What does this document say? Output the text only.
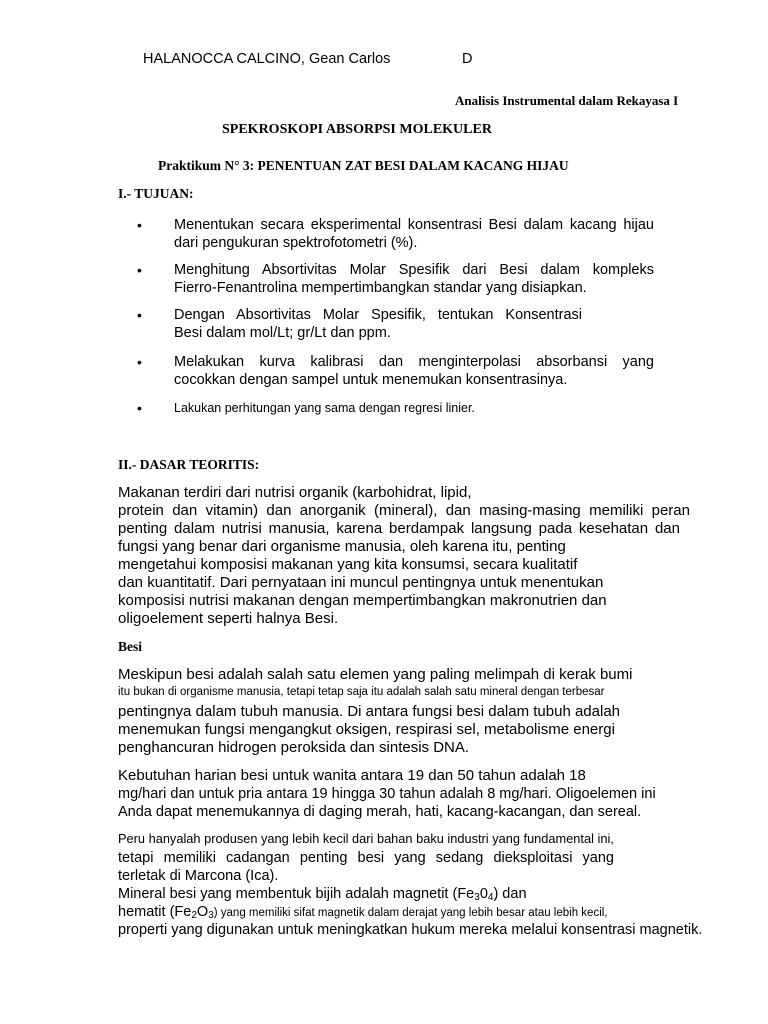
HALANOCCA CALCINO, Gean Carlos	D
Analisis Instrumental dalam Rekayasa I
SPEKROSKOPI ABSORPSI MOLEKULER
Praktikum N° 3: PENENTUAN ZAT BESI DALAM KACANG HIJAU
I.- TUJUAN:
• Menentukan secara eksperimental konsentrasi Besi dalam kacang hijau
dari pengukuran spektrofotometri (%).
• Menghitung Absortivitas Molar Spesifik dari Besi dalam kompleks
Fierro-Fenantrolina mempertimbangkan standar yang disiapkan.
• Dengan Absortivitas Molar Spesifik, tentukan Konsentrasi
Besi dalam mol/Lt; gr/Lt dan ppm.
• Melakukan kurva kalibrasi dan menginterpolasi absorbansi yang
cocokkan dengan sampel untuk menemukan konsentrasinya.
•	Lakukan perhitungan yang sama dengan regresi linier.
II.- DASAR TEORITIS:
Makanan terdiri dari nutrisi organik (karbohidrat, lipid,
protein dan vitamin) dan anorganik (mineral), dan masing-masing memiliki peran
penting dalam nutrisi manusia, karena berdampak langsung pada kesehatan dan
fungsi yang benar dari organisme manusia, oleh karena itu, penting
mengetahui komposisi makanan yang kita konsumsi, secara kualitatif
dan kuantitatif. Dari pernyataan ini muncul pentingnya untuk menentukan
komposisi nutrisi makanan dengan mempertimbangkan makronutrien dan
oligoelement seperti halnya Besi.
Besi
Meskipun besi adalah salah satu elemen yang paling melimpah di kerak bumi
itu bukan di organisme manusia, tetapi tetap saja itu adalah salah satu mineral dengan terbesar
pentingnya dalam tubuh manusia. Di antara fungsi besi dalam tubuh adalah
menemukan fungsi mengangkut oksigen, respirasi sel, metabolisme energi
penghancuran hidrogen peroksida dan sintesis DNA.
Kebutuhan harian besi untuk wanita antara 19 dan 50 tahun adalah 18
mg/hari dan untuk pria antara 19 hingga 30 tahun adalah 8 mg/hari. Oligoelemen ini
Anda dapat menemukannya di daging merah, hati, kacang-kacangan, dan sereal.
Peru hanyalah produsen yang lebih kecil dari bahan baku industri yang fundamental ini,
tetapi memiliki cadangan penting besi yang sedang dieksploitasi yang
terletak di Marcona (Ica).
Mineral besi yang membentuk bijih adalah magnetit $(Fe_30_4)$ dan
hematit $(Fe_2O_3)$ yang memiliki sifat magnetik dalam derajat yang lebih besar atau lebih kecil,
properti yang digunakan untuk meningkatkan hukum mereka melalui konsentrasi magnetik.
